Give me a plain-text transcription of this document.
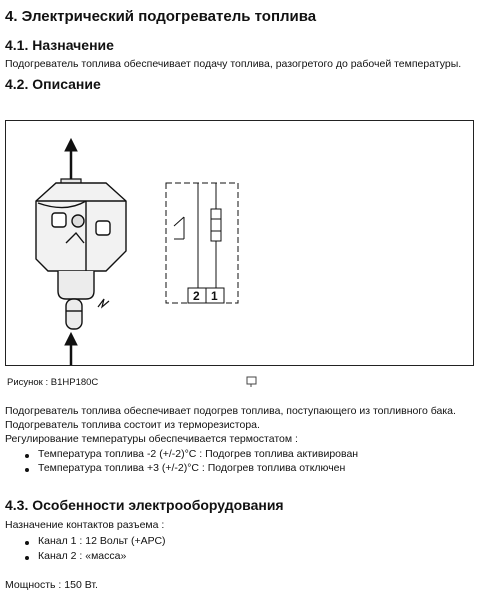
4. Электрический подогреватель топлива
4.1. Назначение
Подогреватель топлива обеспечивает подачу топлива, разогретого до рабочей температуры.
4.2. Описание
2 1
Рисунок : B1HP180C
Подогреватель топлива обеспечивает подогрев топлива, поступающего из топливного бака.
Подогреватель топлива состоит из терморезистора.
Регулирование температуры обеспечивается термостатом :
Температура топлива -2 (+/-2)°C : Подогрев топлива активирован
Температура топлива +3 (+/-2)°C : Подогрев топлива отключен
4.3. Особенности электрооборудования
Назначение контактов разъема :
Канал 1 : 12 Вольт (+АРС)
Канал 2 : «масса»
Мощность : 150 Вт.
